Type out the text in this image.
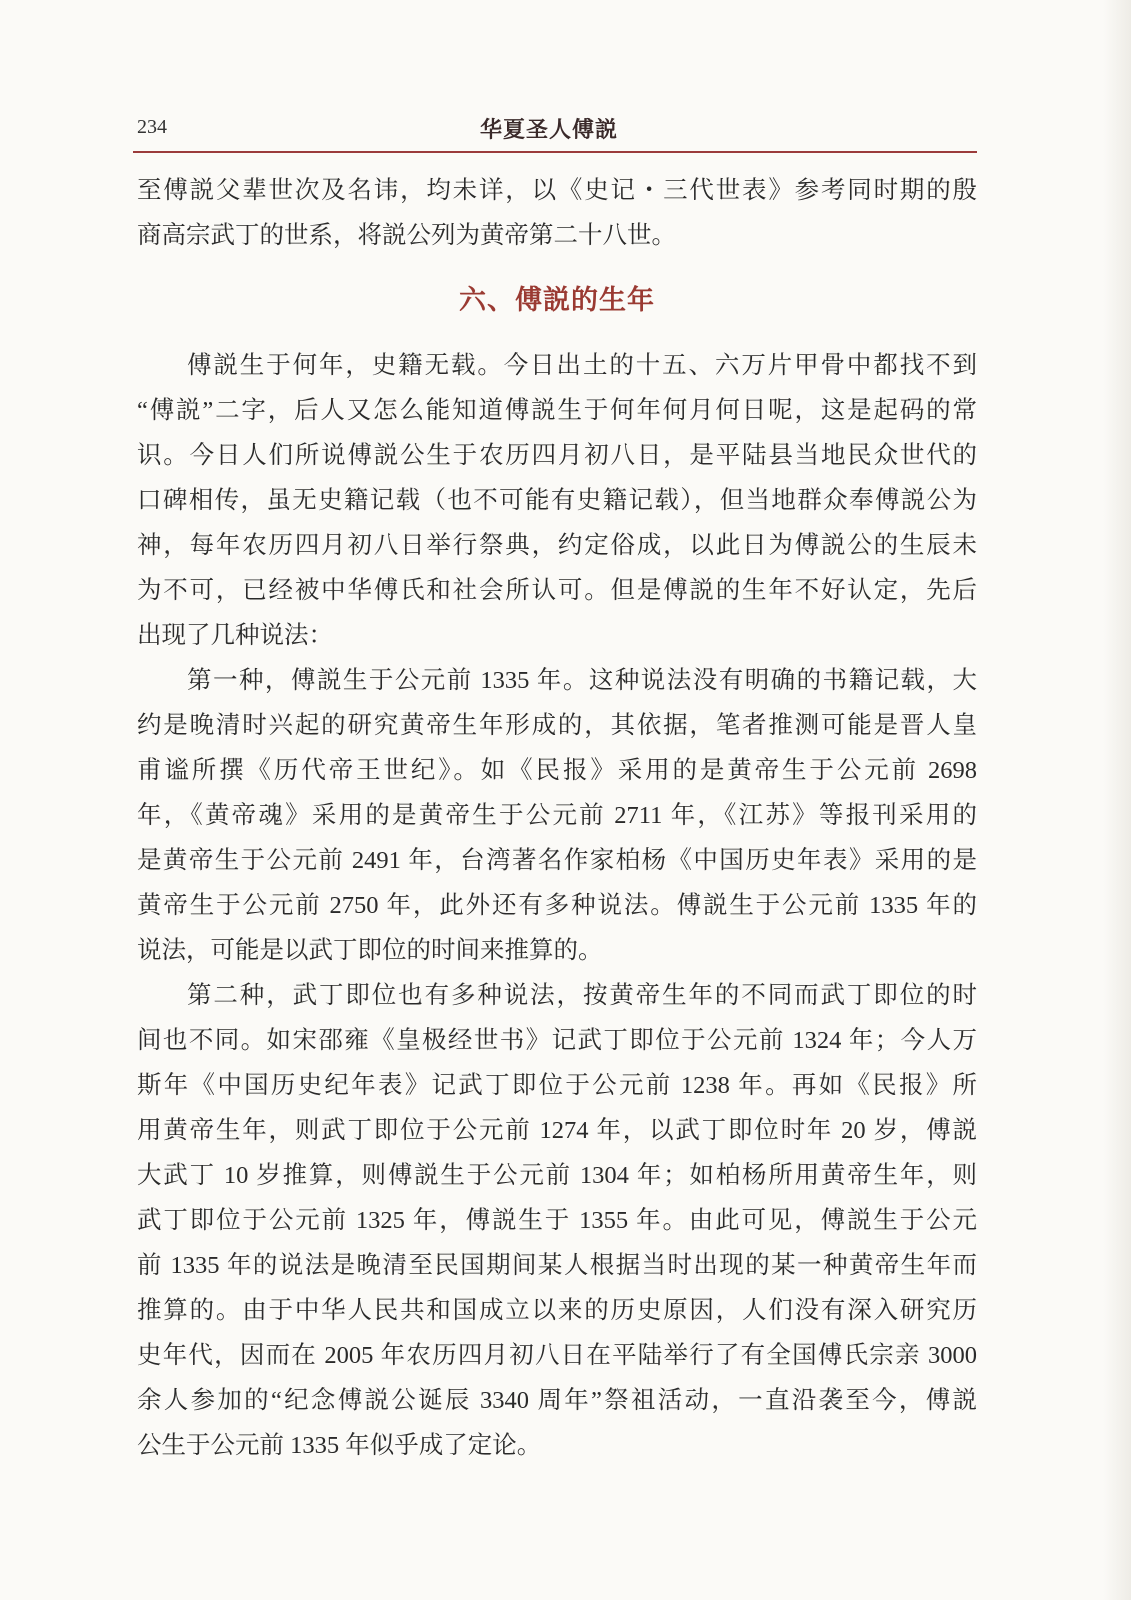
234	华夏圣人傅説
至傅説父辈世次及名讳，均未详，以《史记・三代世表》参考同时期的殷
商高宗武丁的世系，将説公列为黄帝第二十八世。
六、傅説的生年
傅説生于何年，史籍无载。今日出土的十五、六万片甲骨中都找不到
“傅説”二字，后人又怎么能知道傅説生于何年何月何日呢，这是起码的常
识。今日人们所说傅説公生于农历四月初八日，是平陆县当地民众世代的
口碑相传，虽无史籍记载（也不可能有史籍记载），但当地群众奉傅説公为
神，每年农历四月初八日举行祭典，约定俗成，以此日为傅説公的生辰未
为不可，已经被中华傅氏和社会所认可。但是傅説的生年不好认定，先后
出现了几种说法：
第一种，傅説生于公元前 1335 年。这种说法没有明确的书籍记载，大
约是晚清时兴起的研究黄帝生年形成的，其依据，笔者推测可能是晋人皇
甫谧所撰《历代帝王世纪》。如《民报》采用的是黄帝生于公元前 2698
年，《黄帝魂》采用的是黄帝生于公元前 2711 年，《江苏》等报刊采用的
是黄帝生于公元前 2491 年，台湾著名作家柏杨《中国历史年表》采用的是
黄帝生于公元前 2750 年，此外还有多种说法。傅説生于公元前 1335 年的
说法，可能是以武丁即位的时间来推算的。
第二种，武丁即位也有多种说法，按黄帝生年的不同而武丁即位的时
间也不同。如宋邵雍《皇极经世书》记武丁即位于公元前 1324 年；今人万
斯年《中国历史纪年表》记武丁即位于公元前 1238 年。再如《民报》所
用黄帝生年，则武丁即位于公元前 1274 年，以武丁即位时年 20 岁，傅説
大武丁 10 岁推算，则傅説生于公元前 1304 年；如柏杨所用黄帝生年，则
武丁即位于公元前 1325 年，傅説生于 1355 年。由此可见，傅説生于公元
前 1335 年的说法是晚清至民国期间某人根据当时出现的某一种黄帝生年而
推算的。由于中华人民共和国成立以来的历史原因，人们没有深入研究历
史年代，因而在 2005 年农历四月初八日在平陆举行了有全国傅氏宗亲 3000
余人参加的“纪念傅説公诞辰 3340 周年”祭祖活动，一直沿袭至今，傅説
公生于公元前 1335 年似乎成了定论。
